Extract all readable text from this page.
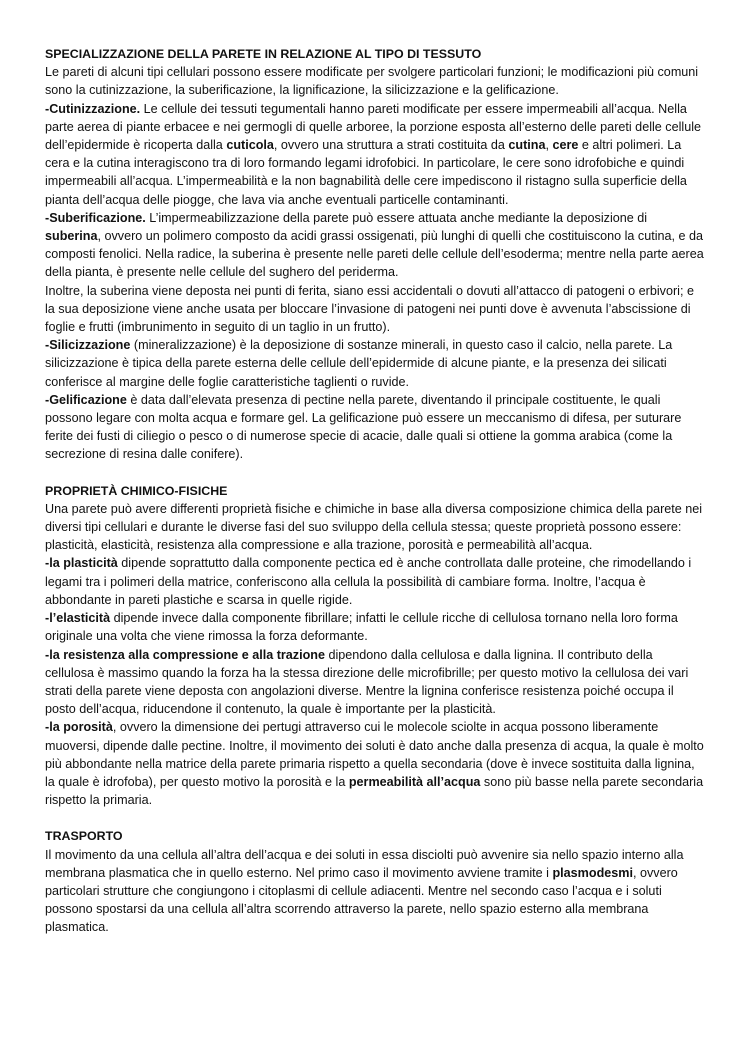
SPECIALIZZAZIONE DELLA PARETE IN RELAZIONE AL TIPO DI TESSUTO

Le pareti di alcuni tipi cellulari possono essere modificate per svolgere particolari funzioni; le modificazioni più comuni sono la cutinizzazione, la suberificazione, la lignificazione, la silicizzazione e la gelificazione.

-Cutinizzazione. Le cellule dei tessuti tegumentali hanno pareti modificate per essere impermeabili all’acqua. Nella parte aerea di piante erbacee e nei germogli di quelle arboree, la porzione esposta all’esterno delle pareti delle cellule dell’epidermide è ricoperta dalla cuticola, ovvero una struttura a strati costituita da cutina, cere e altri polimeri. La cera e la cutina interagiscono tra di loro formando legami idrofobici. In particolare, le cere sono idrofobiche e quindi impermeabili all’acqua. L’impermeabilità e la non bagnabilità delle cere impediscono il ristagno sulla superficie della pianta dell’acqua delle piogge, che lava via anche eventuali particelle contaminanti.

-Suberificazione. L’impermeabilizzazione della parete può essere attuata anche mediante la deposizione di suberina, ovvero un polimero composto da acidi grassi ossigenati, più lunghi di quelli che costituiscono la cutina, e da composti fenolici. Nella radice, la suberina è presente nelle pareti delle cellule dell’esoderma; mentre nella parte aerea della pianta, è presente nelle cellule del sughero del periderma.

Inoltre, la suberina viene deposta nei punti di ferita, siano essi accidentali o dovuti all’attacco di patogeni o erbivori; e la sua deposizione viene anche usata per bloccare l’invasione di patogeni nei punti dove è avvenuta l’abscissione di foglie e frutti (imbrunimento in seguito di un taglio in un frutto).

-Silicizzazione (mineralizzazione) è la deposizione di sostanze minerali, in questo caso il calcio, nella parete. La silicizzazione è tipica della parete esterna delle cellule dell’epidermide di alcune piante, e la presenza dei silicati conferisce al margine delle foglie caratteristiche taglienti o ruvide.

-Gelificazione è data dall’elevata presenza di pectine nella parete, diventando il principale costituente, le quali possono legare con molta acqua e formare gel. La gelificazione può essere un meccanismo di difesa, per suturare ferite dei fusti di ciliegio o pesco o di numerose specie di acacie, dalle quali si ottiene la gomma arabica (come la secrezione di resina dalle conifere).

PROPRIETÀ CHIMICO-FISICHE

Una parete può avere differenti proprietà fisiche e chimiche in base alla diversa composizione chimica della parete nei diversi tipi cellulari e durante le diverse fasi del suo sviluppo della cellula stessa; queste proprietà possono essere: plasticità, elasticità, resistenza alla compressione e alla trazione, porosità e permeabilità all’acqua.

-la plasticità dipende soprattutto dalla componente pectica ed è anche controllata dalle proteine, che rimodellando i legami tra i polimeri della matrice, conferiscono alla cellula la possibilità di cambiare forma. Inoltre, l’acqua è abbondante in pareti plastiche e scarsa in quelle rigide.

-l’elasticità dipende invece dalla componente fibrillare; infatti le cellule ricche di cellulosa tornano nella loro forma originale una volta che viene rimossa la forza deformante.

-la resistenza alla compressione e alla trazione dipendono dalla cellulosa e dalla lignina. Il contributo della cellulosa è massimo quando la forza ha la stessa direzione delle microfibrille; per questo motivo la cellulosa dei vari strati della parete viene deposta con angolazioni diverse. Mentre la lignina conferisce resistenza poiché occupa il posto dell’acqua, riducendone il contenuto, la quale è importante per la plasticità.

-la porosità, ovvero la dimensione dei pertugi attraverso cui le molecole sciolte in acqua possono liberamente muoversi, dipende dalle pectine. Inoltre, il movimento dei soluti è dato anche dalla presenza di acqua, la quale è molto più abbondante nella matrice della parete primaria rispetto a quella secondaria (dove è invece sostituita dalla lignina, la quale è idrofoba), per questo motivo la porosità e la permeabilità all’acqua sono più basse nella parete secondaria rispetto la primaria.

TRASPORTO

Il movimento da una cellula all’altra dell’acqua e dei soluti in essa disciolti può avvenire sia nello spazio interno alla membrana plasmatica che in quello esterno. Nel primo caso il movimento avviene tramite i plasmodesmi, ovvero particolari strutture che congiungono i citoplasmi di cellule adiacenti. Mentre nel secondo caso l’acqua e i soluti possono spostarsi da una cellula all’altra scorrendo attraverso la parete, nello spazio esterno alla membrana plasmatica.
